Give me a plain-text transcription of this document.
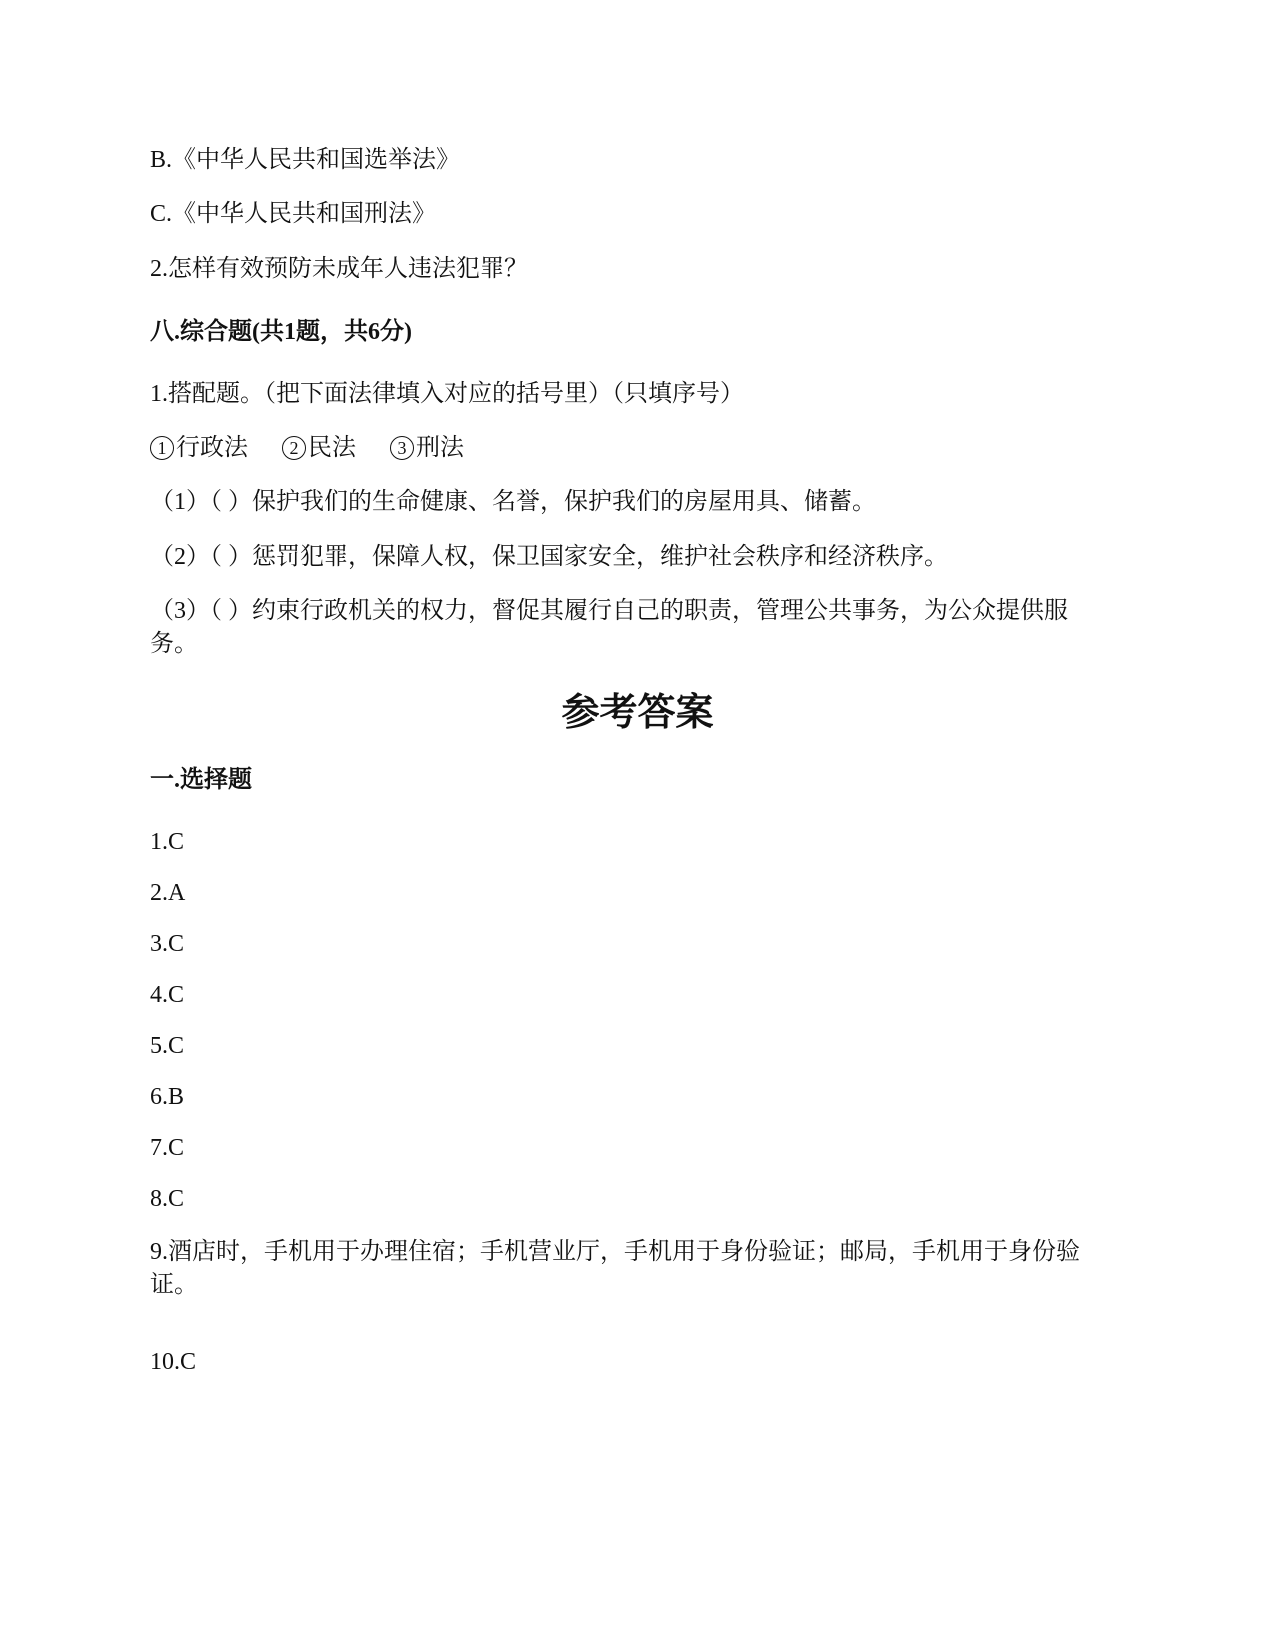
B.《中华人民共和国选举法》

C.《中华人民共和国刑法》

2.怎样有效预防未成年人违法犯罪？

八.综合题(共1题，共6分)

1.搭配题。（把下面法律填入对应的括号里）（只填序号）

1 行政法 2 民法 3 刑法

（1）（ ）保护我们的生命健康、名誉，保护我们的房屋用具、储蓄。

（2）（ ）惩罚犯罪，保障人权，保卫国家安全，维护社会秩序和经济秩序。

（3）（ ）约束行政机关的权力，督促其履行自己的职责，管理公共事务，为公众提供服务。

参考答案

一.选择题

1.C

2.A

3.C

4.C

5.C

6.B

7.C

8.C

9.酒店时，手机用于办理住宿；手机营业厅，手机用于身份验证；邮局，手机用于身份验证。

10.C
